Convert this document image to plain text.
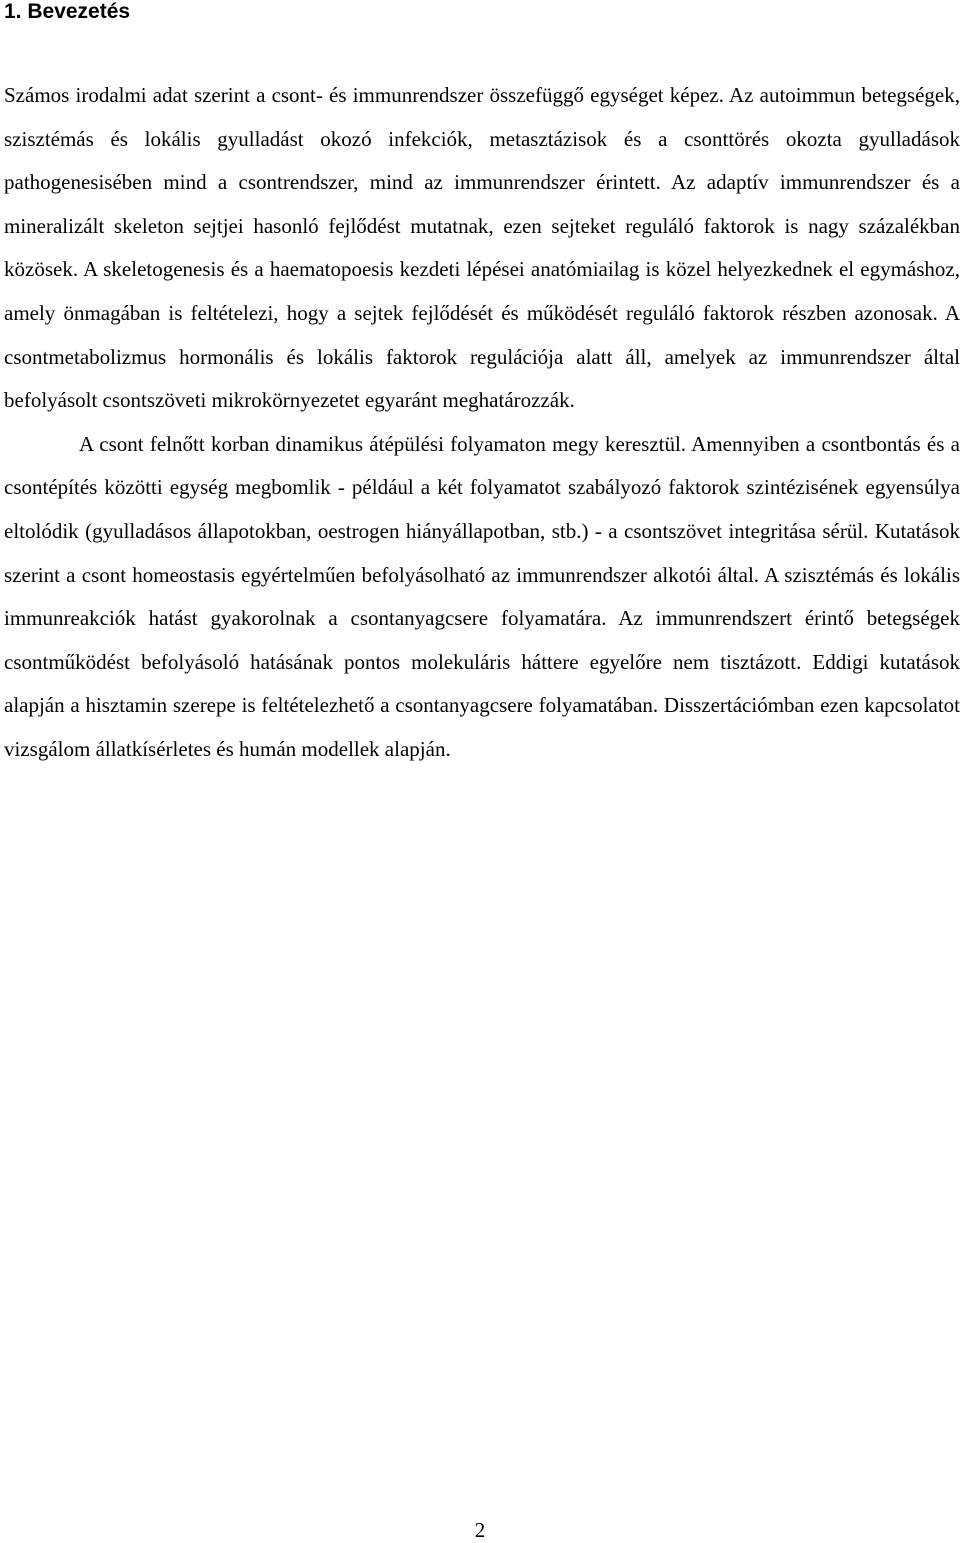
1. Bevezetés

Számos irodalmi adat szerint a csont- és immunrendszer összefüggő egységet képez. Az autoimmun betegségek, szisztémás és lokális gyulladást okozó infekciók, metasztázisok és a csonttörés okozta gyulladások pathogenesisében mind a csontrendszer, mind az immunrendszer érintett. Az adaptív immunrendszer és a mineralizált skeleton sejtjei hasonló fejlődést mutatnak, ezen sejteket reguláló faktorok is nagy százalékban közösek. A skeletogenesis és a haematopoesis kezdeti lépései anatómiailag is közel helyezkednek el egymáshoz, amely önmagában is feltételezi, hogy a sejtek fejlődését és működését reguláló faktorok részben azonosak. A csontmetabolizmus hormonális és lokális faktorok regulációja alatt áll, amelyek az immunrendszer által befolyásolt csontszöveti mikrokörnyezetet egyaránt meghatározzák.

A csont felnőtt korban dinamikus átépülési folyamaton megy keresztül. Amennyiben a csontbontás és a csontépítés közötti egység megbomlik - például a két folyamatot szabályozó faktorok szintézisének egyensúlya eltolódik (gyulladásos állapotokban, oestrogen hiányállapotban, stb.) - a csontszövet integritása sérül. Kutatások szerint a csont homeostasis egyértelműen befolyásolható az immunrendszer alkotói által. A szisztémás és lokális immunreakciók hatást gyakorolnak a csontanyagcsere folyamatára. Az immunrendszert érintő betegségek csontműködést befolyásoló hatásának pontos molekuláris háttere egyelőre nem tisztázott. Eddigi kutatások alapján a hisztamin szerepe is feltételezhető a csontanyagcsere folyamatában. Disszertációmban ezen kapcsolatot vizsgálom állatkísérletes és humán modellek alapján.

2
